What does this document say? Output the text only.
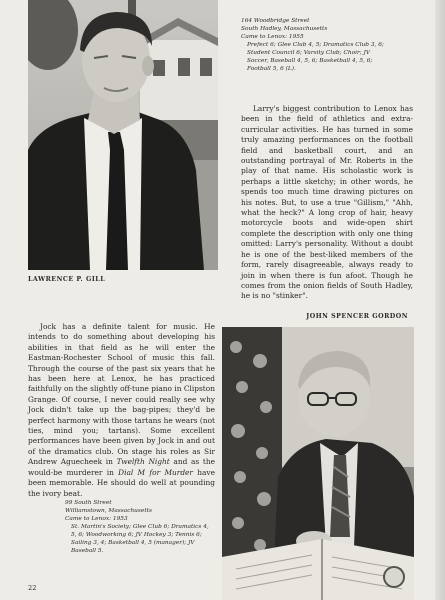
164 Woodbridge Street
South Hadley, Massachusetts
Came to Lenox: 1955
Prefect 6; Glee Club 4, 5; Dramatics Club 3, 6; Student Council 6; Varsity Club; Choir; JV Soccer, Baseball 4, 5, 6; Basketball 4, 5, 6; Football 5, 6 (L).

Larry's biggest contribution to Lenox has been in the field of athletics and extra-curricular activities. He has turned in some truly amazing performances on the football field and basketball court, and an outstanding portrayal of Mr. Roberts in the play of that name. His scholastic work is perhaps a little sketchy; in other words, he spends too much time drawing pictures on his notes. But, to use a true "Gillism," "Ahh, what the heck?" A long crop of hair, heavy motorcycle boots and wide-open shirt complete the description with only one thing omitted: Larry's personality. Without a doubt he is one of the best-liked members of the form, rarely disagreeable, always ready to join in when there is fun afoot. Though he comes from the onion fields of South Hadley, he is no "stinker".

LAWRENCE P. GILL
JOHN SPENCER GORDON

Jock has a definite talent for music. He intends to do something about developing his abilities in that field as he will enter the Eastman-Rochester School of music this fall. Through the course of the past six years that he has been here at Lenox, he has practiced faithfully on the slightly off-tune piano in Clipston Grange. Of course, I never could really see why Jock didn't take up the bag-pipes; they'd be perfect harmony with those tartans he wears (not ties, mind you; tartans). Some excellent performances have been given by Jock in and out of the dramatics club. On stage his roles as Sir Andrew Aguecheek in Twelfth Night and as the would-be murderer in Dial M for Murder have been memorable. He should do well at pounding the ivory beat.

99 South Street
Williamstown, Massachusetts
Came to Lenox: 1953
St. Martin's Society; Glee Club 6; Dramatics 4, 5, 6; Woodworking 6; JV Hockey 3; Tennis 6; Sailing 3, 4; Basketball 4, 5 (manager); JV Baseball 5.
22
